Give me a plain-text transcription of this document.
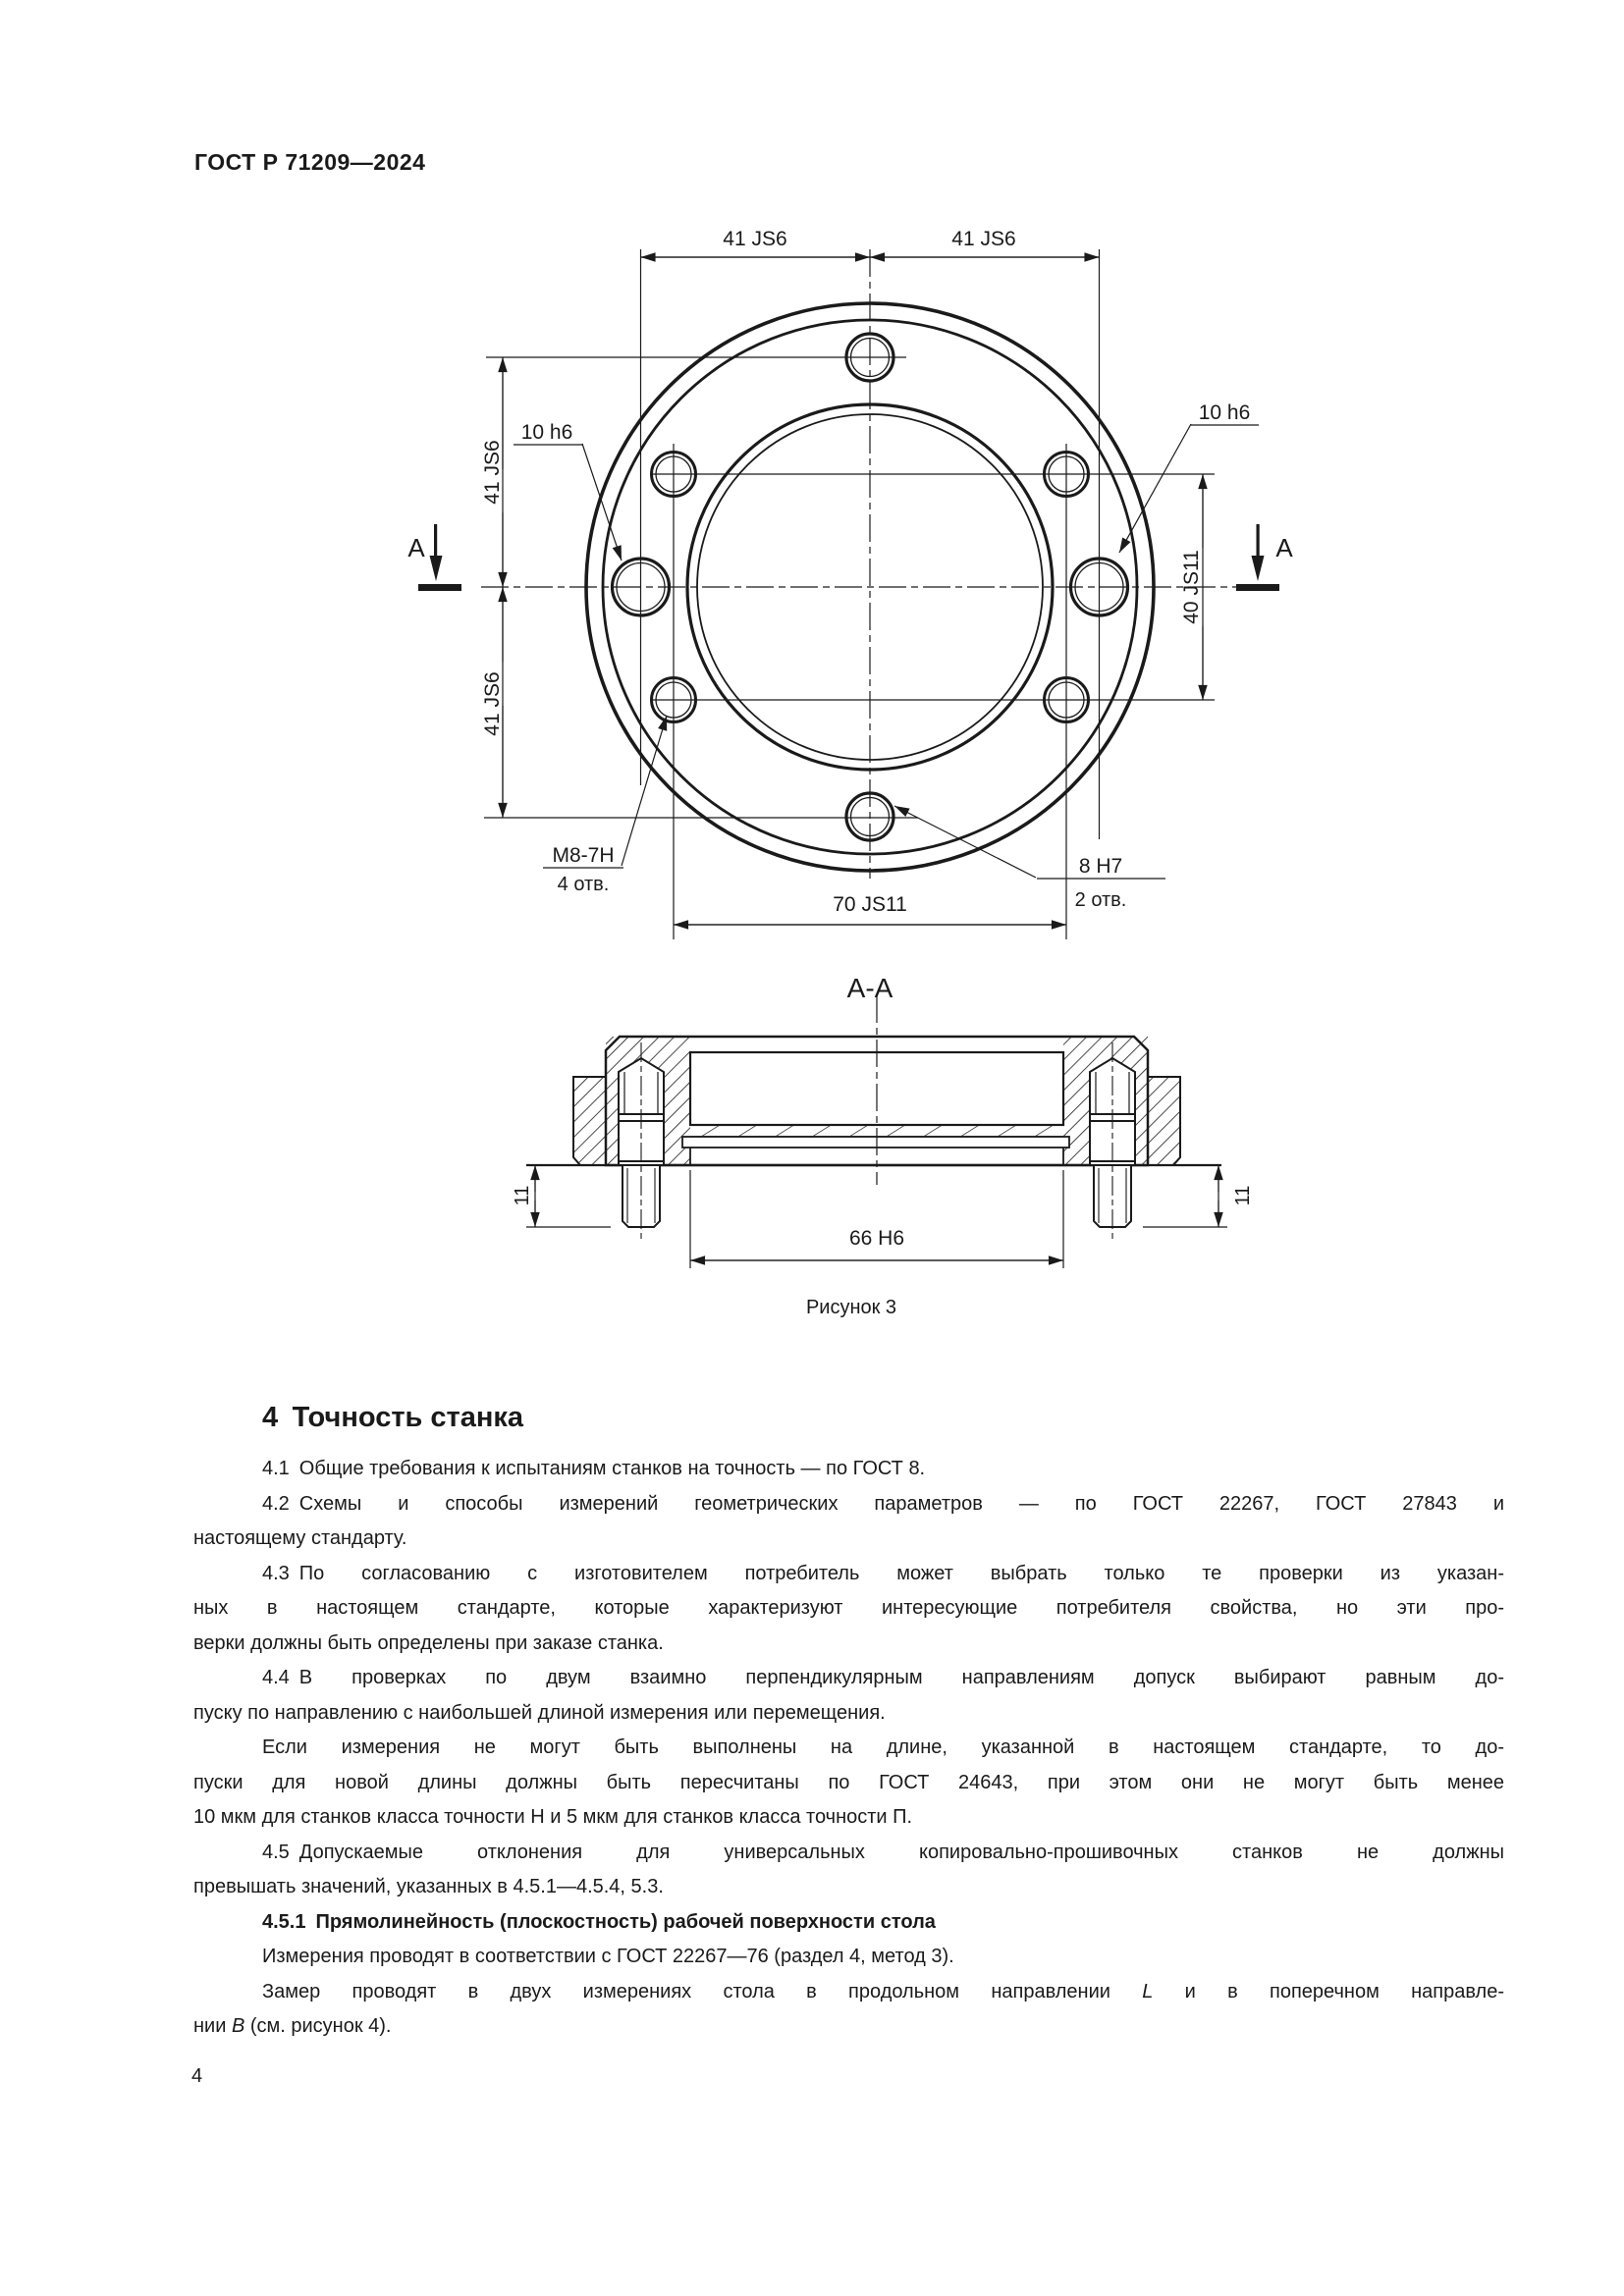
ГОСТ Р 71209—2024
41 JS6	41 JS6
41 JS6
41 JS6
40 JS11
70 JS11
10 h6
10 h6
M8-7H
4 отв.
8 H7
2 отв.
А	А
А-А
66 H6
11	11
Рисунок 3
4 Точность станка
4.1 Общие требования к испытаниям станков на точность — по ГОСТ 8.
4.2 Схемы и способы измерений геометрических параметров — по ГОСТ 22267, ГОСТ 27843 и
настоящему стандарту.
4.3 По согласованию с изготовителем потребитель может выбрать только те проверки из указан-
ных в настоящем стандарте, которые характеризуют интересующие потребителя свойства, но эти про-
верки должны быть определены при заказе станка.
4.4 В проверках по двум взаимно перпендикулярным направлениям допуск выбирают равным до-
пуску по направлению с наибольшей длиной измерения или перемещения.
Если измерения не могут быть выполнены на длине, указанной в настоящем стандарте, то до-
пуски для новой длины должны быть пересчитаны по ГОСТ 24643, при этом они не могут быть менее
10 мкм для станков класса точности Н и 5 мкм для станков класса точности П.
4.5 Допускаемые отклонения для универсальных копировально-прошивочных станков не должны
превышать значений, указанных в 4.5.1—4.5.4, 5.3.
4.5.1 Прямолинейность (плоскостность) рабочей поверхности стола
Измерения проводят в соответствии с ГОСТ 22267—76 (раздел 4, метод 3).
Замер проводят в двух измерениях стола в продольном направлении L и в поперечном направле-
нии B (см. рисунок 4).
4
